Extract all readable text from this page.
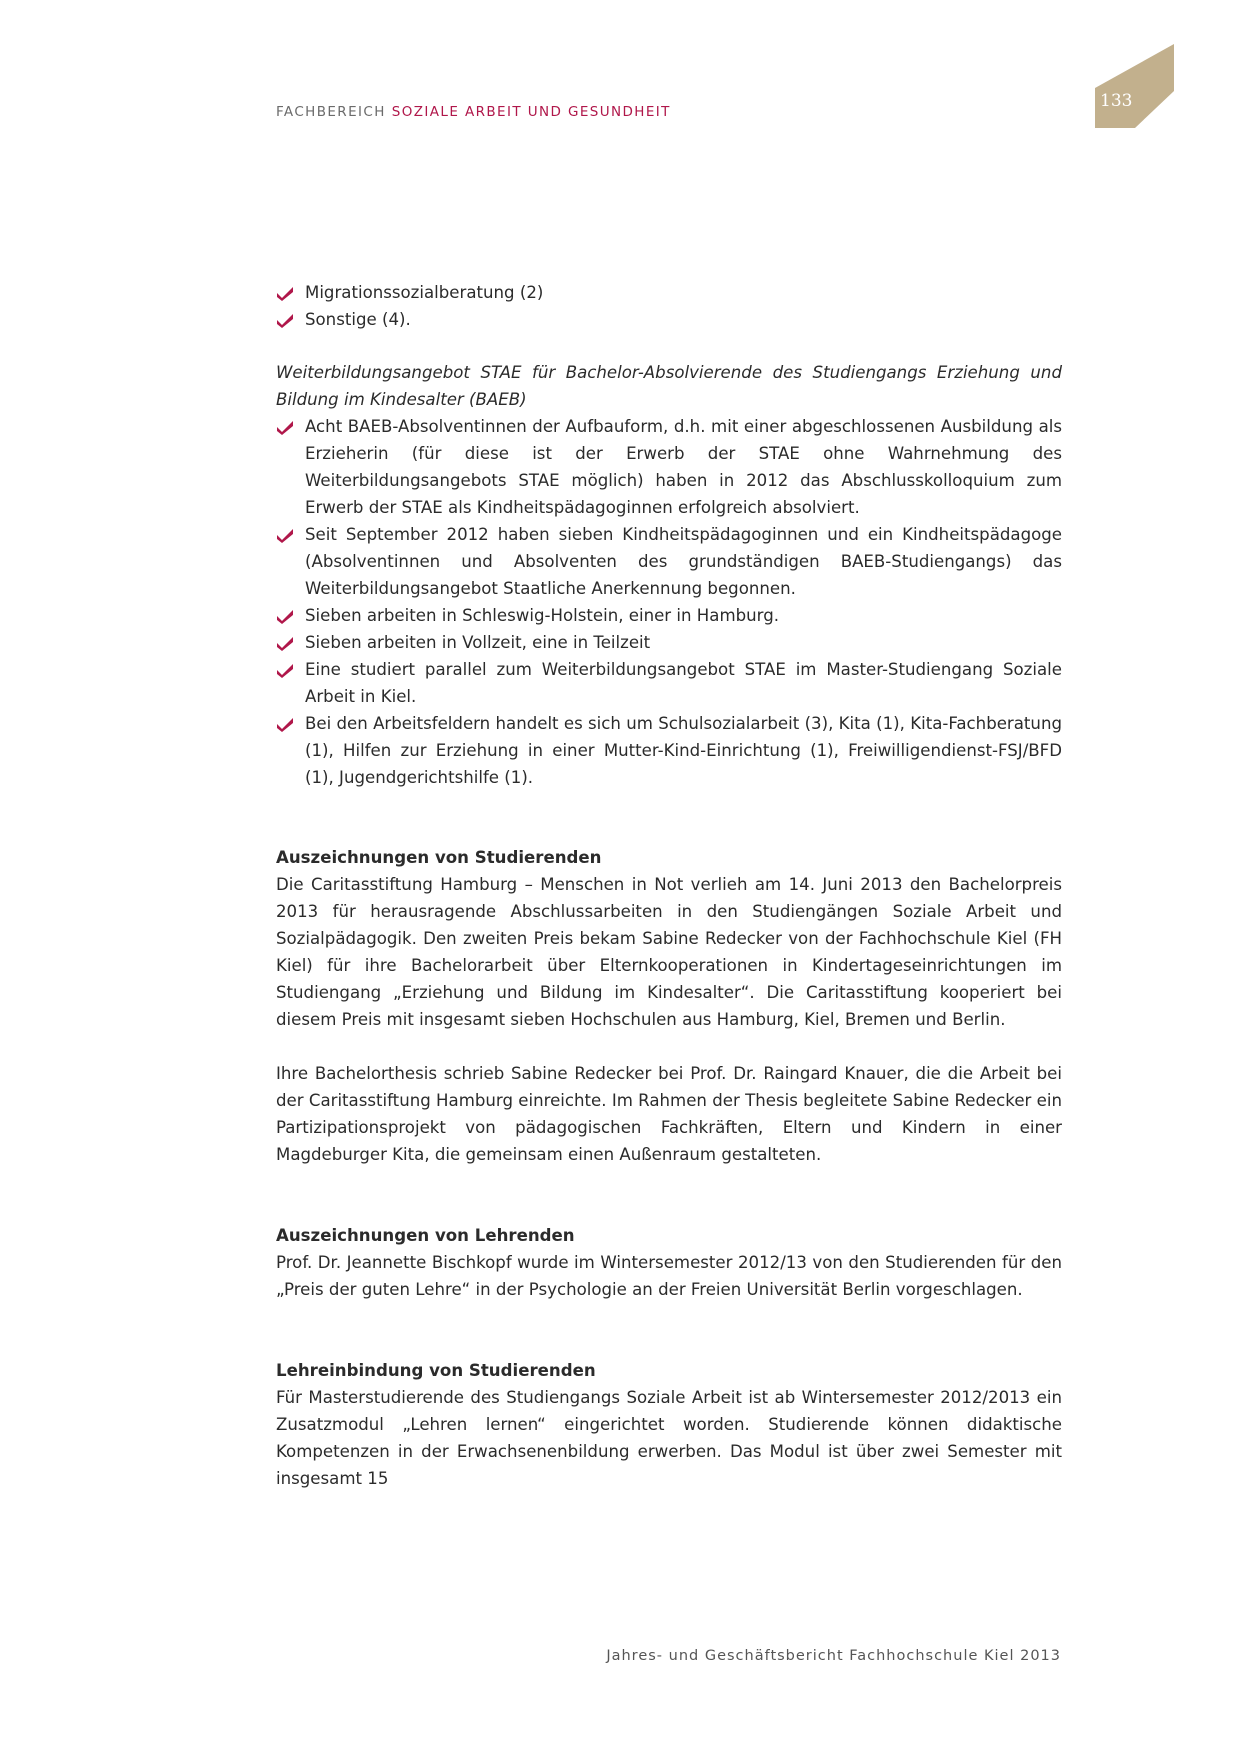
FACHBEREICH SOZIALE ARBEIT UND GESUNDHEIT
133
Migrationssozialberatung (2)
Sonstige (4).
Weiterbildungsangebot STAE für Bachelor-Absolvierende des Studiengangs Erziehung und Bildung im Kindesalter (BAEB)
Acht BAEB-Absolventinnen der Aufbauform, d.h. mit einer abgeschlossenen Ausbildung als Erzieherin (für diese ist der Erwerb der STAE ohne Wahrnehmung des Weiterbildungsangebots STAE möglich) haben in 2012 das Abschlusskolloquium zum Erwerb der STAE als Kindheitspädagoginnen erfolgreich absolviert.
Seit September 2012 haben sieben Kindheitspädagoginnen und ein Kindheitspädagoge (Absolventinnen und Absolventen des grundständigen BAEB-Studiengangs) das Weiterbildungsangebot Staatliche Anerkennung begonnen.
Sieben arbeiten in Schleswig-Holstein, einer in Hamburg.
Sieben arbeiten in Vollzeit, eine in Teilzeit
Eine studiert parallel zum Weiterbildungsangebot STAE im Master-Studiengang Soziale Arbeit in Kiel.
Bei den Arbeitsfeldern handelt es sich um Schulsozialarbeit (3), Kita (1), Kita-Fachberatung (1), Hilfen zur Erziehung in einer Mutter-Kind-Einrichtung (1), Freiwilligendienst-FSJ/BFD (1), Jugendgerichtshilfe (1).
Auszeichnungen von Studierenden

Die Caritasstiftung Hamburg – Menschen in Not verlieh am 14. Juni 2013 den Bachelorpreis 2013 für herausragende Abschlussarbeiten in den Studiengängen Soziale Arbeit und Sozialpädagogik. Den zweiten Preis bekam Sabine Redecker von der Fachhochschule Kiel (FH Kiel) für ihre Bachelorarbeit über Elternkooperationen in Kindertageseinrichtungen im Studiengang „Erziehung und Bildung im Kindesalter“. Die Caritasstiftung kooperiert bei diesem Preis mit insgesamt sieben Hochschulen aus Hamburg, Kiel, Bremen und Berlin.

Ihre Bachelorthesis schrieb Sabine Redecker bei Prof. Dr. Raingard Knauer, die die Arbeit bei der Caritasstiftung Hamburg einreichte. Im Rahmen der Thesis begleitete Sabine Redecker ein Partizipationsprojekt von pädagogischen Fachkräften, Eltern und Kindern in einer Magdeburger Kita, die gemeinsam einen Außenraum gestalteten.

Auszeichnungen von Lehrenden

Prof. Dr. Jeannette Bischkopf wurde im Wintersemester 2012/13 von den Studierenden für den „Preis der guten Lehre“ in der Psychologie an der Freien Universität Berlin vorgeschlagen.

Lehreinbindung von Studierenden

Für Masterstudierende des Studiengangs Soziale Arbeit ist ab Wintersemester 2012/2013 ein Zusatzmodul „Lehren lernen“ eingerichtet worden. Studierende können didaktische Kompetenzen in der Erwachsenenbildung erwerben. Das Modul ist über zwei Semester mit insgesamt 15

Jahres- und Geschäftsbericht Fachhochschule Kiel 2013
